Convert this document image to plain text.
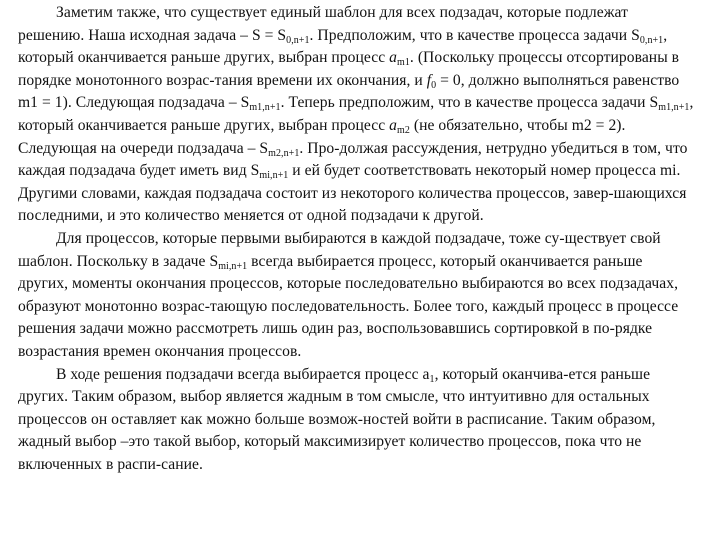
Заметим также, что существует единый шаблон для всех подзадач, которые подлежат решению. Наша исходная задача – $S = S_{0,n+1}$. Предположим, что в качестве процесса задачи $S_{0,n+1}$, который оканчивается раньше других, выбран процесс $a_{m1}$. (Поскольку процессы отсортированы в порядке монотонного возрас-тания времени их окончания, и $f_0 = 0$, должно выполняться равенство m1 = 1). Следующая подзадача – $S_{m1,n+1}$. Теперь предположим, что в качестве процесса задачи $S_{m1,n+1}$, который оканчивается раньше других, выбран процесс $a_{m2}$ (не обязательно, чтобы m2 = 2). Следующая на очереди подзадача – $S_{m2,n+1}$. Про-должая рассуждения, нетрудно убедиться в том, что каждая подзадача будет иметь вид $S_{mi,n+1}$ и ей будет соответствовать некоторый номер процесса mi. Другими словами, каждая подзадача состоит из некоторого количества процессов, завер-шающихся последними, и это количество меняется от одной подзадачи к другой.

Для процессов, которые первыми выбираются в каждой подзадаче, тоже су-ществует свой шаблон. Поскольку в задаче $S_{mi,n+1}$ всегда выбирается процесс, который оканчивается раньше других, моменты окончания процессов, которые последовательно выбираются во всех подзадачах, образуют монотонно возрас-тающую последовательность. Более того, каждый процесс в процессе решения задачи можно рассмотреть лишь один раз, воспользовавшись сортировкой в по-рядке возрастания времен окончания процессов.

В ходе решения подзадачи всегда выбирается процесс $a_1$, который оканчива-ется раньше других. Таким образом, выбор является жадным в том смысле, что интуитивно для остальных процессов он оставляет как можно больше возмож-ностей войти в расписание. Таким образом, жадный выбор –это такой выбор, который максимизирует количество процессов, пока что не включенных в распи-сание.
